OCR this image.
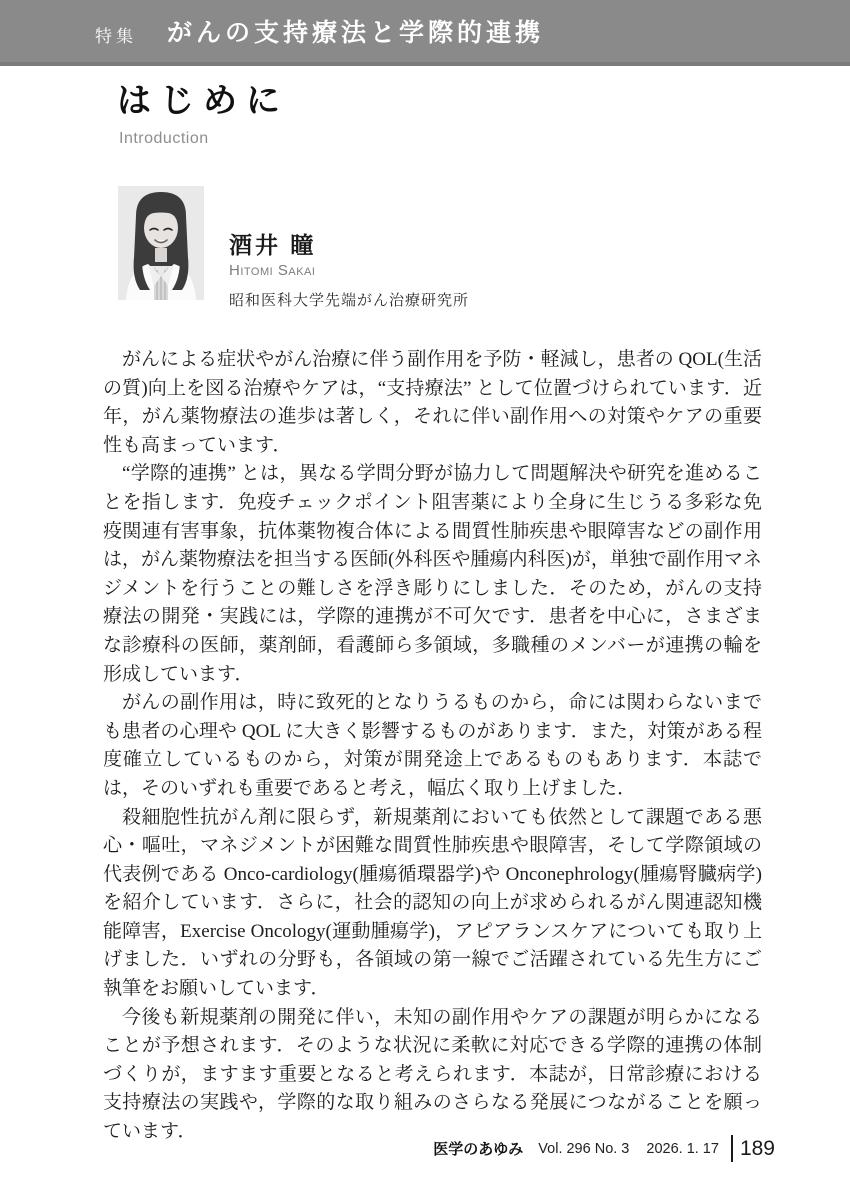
特集 がんの支持療法と学際的連携
はじめに
Introduction
酒井 瞳
Hitomi Sakai
昭和医科大学先端がん治療研究所

がんによる症状やがん治療に伴う副作用を予防・軽減し，患者の QOL(生活の質)向上を図る治療やケアは，“支持療法” として位置づけられています．近年，がん薬物療法の進歩は著しく，それに伴い副作用への対策やケアの重要性も高まっています．

“学際的連携” とは，異なる学問分野が協力して問題解決や研究を進めることを指します．免疫チェックポイント阻害薬により全身に生じうる多彩な免疫関連有害事象，抗体薬物複合体による間質性肺疾患や眼障害などの副作用は，がん薬物療法を担当する医師(外科医や腫瘍内科医)が，単独で副作用マネジメントを行うことの難しさを浮き彫りにしました．そのため，がんの支持療法の開発・実践には，学際的連携が不可欠です．患者を中心に，さまざまな診療科の医師，薬剤師，看護師ら多領域，多職種のメンバーが連携の輪を形成しています．

がんの副作用は，時に致死的となりうるものから，命には関わらないまでも患者の心理や QOL に大きく影響するものがあります．また，対策がある程度確立しているものから，対策が開発途上であるものもあります．本誌では，そのいずれも重要であると考え，幅広く取り上げました．

殺細胞性抗がん剤に限らず，新規薬剤においても依然として課題である悪心・嘔吐，マネジメントが困難な間質性肺疾患や眼障害，そして学際領域の代表例である Onco-cardiology(腫瘍循環器学)や Onconephrology(腫瘍腎臓病学)を紹介しています．さらに，社会的認知の向上が求められるがん関連認知機能障害，Exercise Oncology(運動腫瘍学)，アピアランスケアについても取り上げました．いずれの分野も，各領域の第一線でご活躍されている先生方にご執筆をお願いしています．

今後も新規薬剤の開発に伴い，未知の副作用やケアの課題が明らかになることが予想されます．そのような状況に柔軟に対応できる学際的連携の体制づくりが，ますます重要となると考えられます．本誌が，日常診療における支持療法の実践や，学際的な取り組みのさらなる発展につながることを願っています．

医学のあゆみ Vol. 296 No. 3 2026. 1. 17 189
